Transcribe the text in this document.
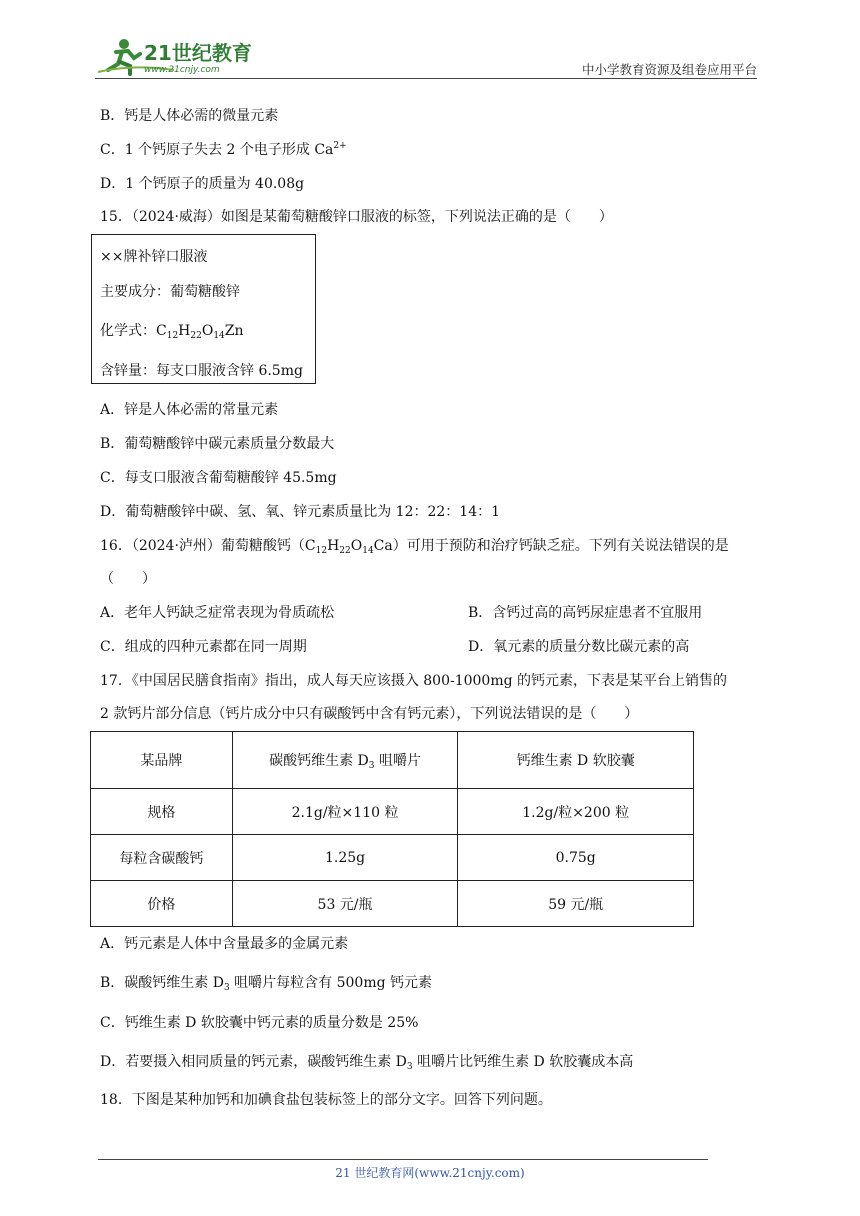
21世纪教育
www.21cnjy.com	中小学教育资源及组卷应用平台
B．钙是人体必需的微量元素
C．1 个钙原子失去 2 个电子形成 $Ca^{2+}$
D．1 个钙原子的质量为 40.08g
15．（2024·威海）如图是某葡萄糖酸锌口服液的标签，下列说法正确的是（　　）
××牌补锌口服液
主要成分：葡萄糖酸锌
化学式：$C_{12}H_{22}O_{14}Zn$
含锌量：每支口服液含锌 6.5mg
A．锌是人体必需的常量元素
B．葡萄糖酸锌中碳元素质量分数最大
C．每支口服液含葡萄糖酸锌 45.5mg
D．葡萄糖酸锌中碳、氢、氧、锌元素质量比为 12：22：14：1
16．（2024·泸州）葡萄糖酸钙$(C_{12}H_{22}O_{14}Ca)$可用于预防和治疗钙缺乏症。下列有关说法错误的是
（　　）
A．老年人钙缺乏症常表现为骨质疏松	B．含钙过高的高钙尿症患者不宜服用
C．组成的四种元素都在同一周期	D．氧元素的质量分数比碳元素的高
17．《中国居民膳食指南》指出，成人每天应该摄入 800-1000mg 的钙元素，下表是某平台上销售的
2 款钙片部分信息（钙片成分中只有碳酸钙中含有钙元素），下列说法错误的是（　　）
某品牌	碳酸钙维生素 $D_3$ 咀嚼片	钙维生素 D 软胶囊
规格	2.1g/粒×110 粒	1.2g/粒×200 粒
每粒含碳酸钙	1.25g	0.75g
价格	53 元/瓶	59 元/瓶
A．钙元素是人体中含量最多的金属元素
B．碳酸钙维生素 $D_3$ 咀嚼片每粒含有 500mg 钙元素
C．钙维生素 D 软胶囊中钙元素的质量分数是 25%
D．若要摄入相同质量的钙元素，碳酸钙维生素 $D_3$ 咀嚼片比钙维生素 D 软胶囊成本高
18．下图是某种加钙和加碘食盐包装标签上的部分文字。回答下列问题。
21 世纪教育网(www.21cnjy.com)
